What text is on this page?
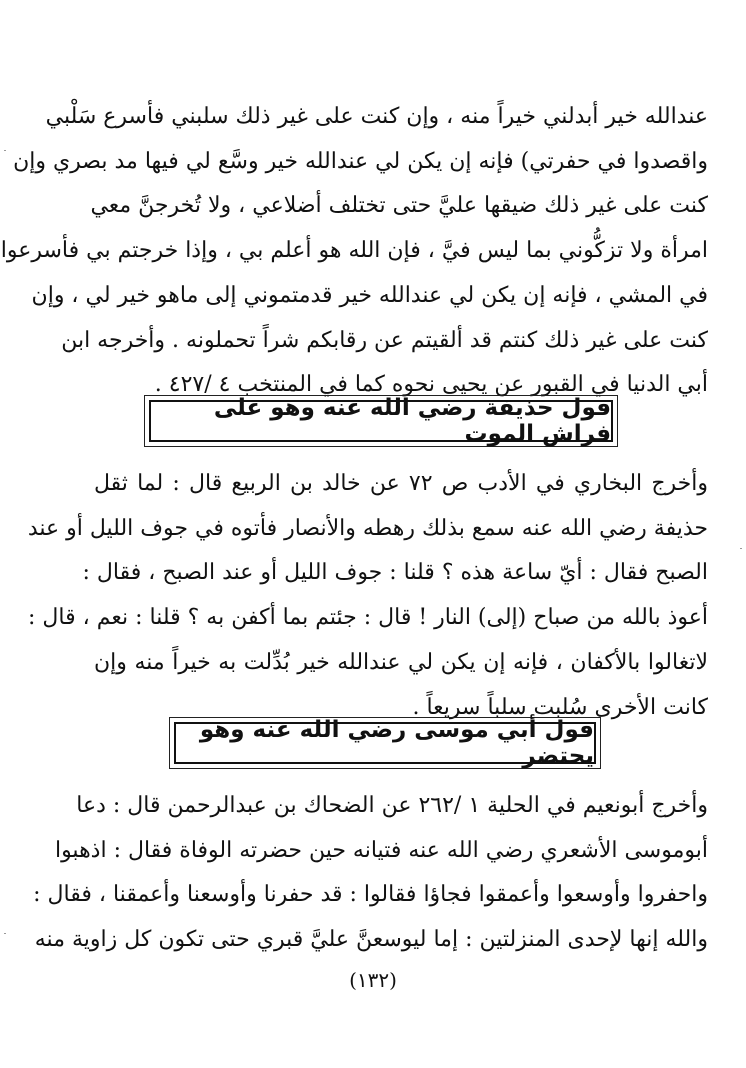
عندالله خير أبدلني خيراً منه ، وإن كنت على غير ذلك سلبني فأسرع سَلْبي
واقصدوا في حفرتي) فإنه إن يكن لي عندالله خير وسَّع لي فيها مد بصري وإن
كنت على غير ذلك ضيقها عليَّ حتى تختلف أضلاعي ، ولا تُخرجنَّ معي
امرأة ولا تزكُّوني بما ليس فيَّ ، فإن الله هو أعلم بي ، وإذا خرجتم بي فأسرعوا
في المشي ، فإنه إن يكن لي عندالله خير قدمتموني إلى ماهو خير لي ، وإن
كنت على غير ذلك كنتم قد ألقيتم عن رقابكم شراً تحملونه . وأخرجه ابن
أبي الدنيا في القبور عن يحيى نحوه كما في المنتخب ٤ /٤٢٧ .
قول حذيفة رضي الله عنه وهو على فراش الموت
وأخرج البخاري في الأدب ص ٧٢ عن خالد بن الربيع قال : لما ثقل
حذيفة رضي الله عنه سمع بذلك رهطه والأنصار فأتوه في جوف الليل أو عند
الصبح فقال : أيّ ساعة هذه ؟ قلنا : جوف الليل أو عند الصبح ، فقال :
أعوذ بالله من صباح (إلى) النار ! قال : جئتم بما أكفن به ؟ قلنا : نعم ، قال :
لاتغالوا بالأكفان ، فإنه إن يكن لي عندالله خير بُدِّلت به خيراً منه وإن
كانت الأخرى سُلبت سلباً سريعاً .
قول أبي موسى رضي الله عنه وهو يحتضر
وأخرج أبونعيم في الحلية ١ /٢٦٢ عن الضحاك بن عبدالرحمن قال : دعا
أبوموسى الأشعري رضي الله عنه فتيانه حين حضرته الوفاة فقال : اذهبوا
واحفروا وأوسعوا وأعمقوا فجاؤا فقالوا : قد حفرنا وأوسعنا وأعمقنا ، فقال :
والله إنها لإحدى المنزلتين : إما ليوسعنَّ عليَّ قبري حتى تكون كل زاوية منه
(١٣٢)
